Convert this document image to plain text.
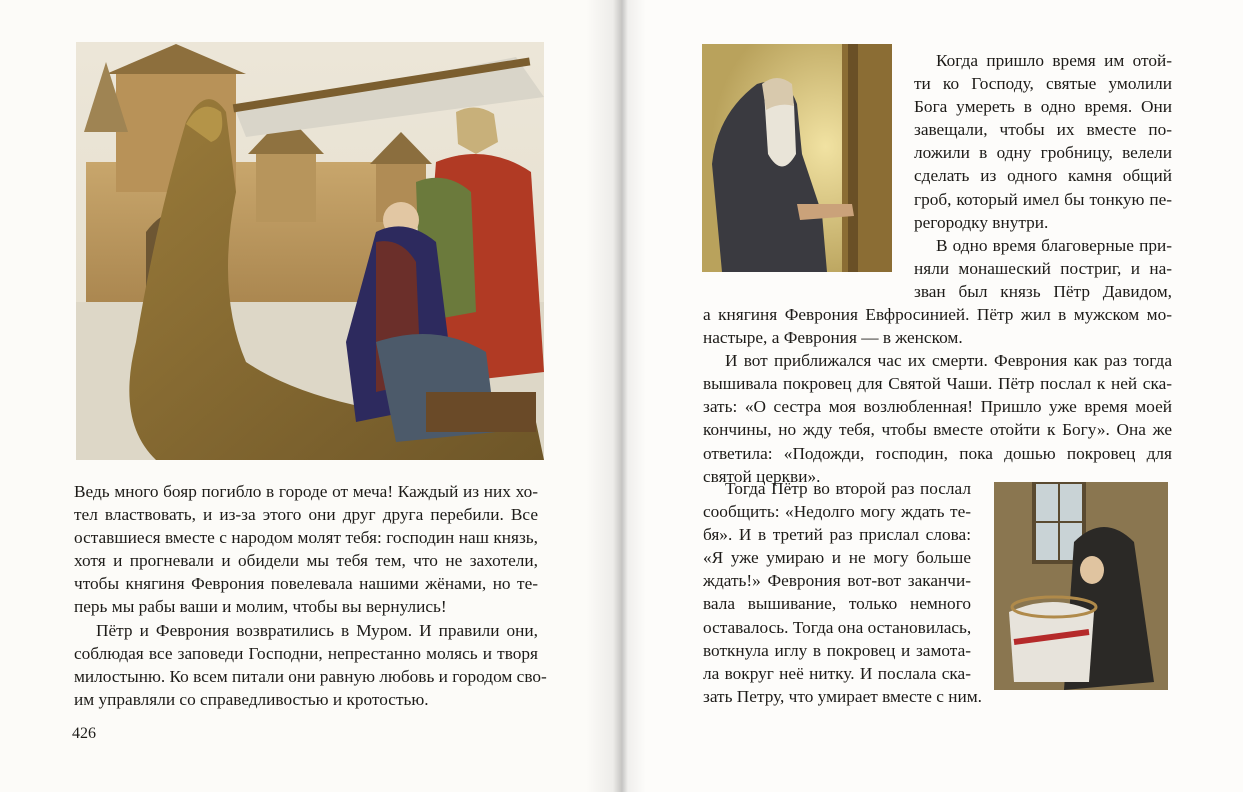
Ведь много бояр погибло в городе от меча! Каждый из них хо-
тел властвовать, и из-за этого они друг друга перебили. Все
оставшиеся вместе с народом молят тебя: господин наш князь,
хотя и прогневали и обидели мы тебя тем, что не захотели,
чтобы княгиня Феврония повелевала нашими жёнами, но те-
перь мы рабы ваши и молим, чтобы вы вернулись!

Пётр и Феврония возвратились в Муром. И правили они,
соблюдая все заповеди Господни, непрестанно молясь и творя
милостыню. Ко всем питали они равную любовь и городом сво-
им управляли со справедливостью и кротостью.

426

Когда пришло время им отой-
ти ко Господу, святые умолили
Бога умереть в одно время. Они
завещали, чтобы их вместе по-
ложили в одну гробницу, велели
сделать из одного камня общий
гроб, который имел бы тонкую пе-
регородку внутри.

В одно время благоверные при-
няли монашеский постриг, и на-
зван был князь Пётр Давидом,

а княгиня Феврония Евфросинией. Пётр жил в мужском мо-
настыре, а Феврония — в женском.

И вот приближался час их смерти. Феврония как раз тогда
вышивала покровец для Святой Чаши. Пётр послал к ней ска-
зать: «О сестра моя возлюбленная! Пришло уже время моей
кончины, но жду тебя, чтобы вместе отойти к Богу». Она же
ответила: «Подожди, господин, пока дошью покровец для
святой церкви».

Тогда Пётр во второй раз послал
сообщить: «Недолго могу ждать те-
бя». И в третий раз прислал слова:
«Я уже умираю и не могу больше
ждать!» Феврония вот-вот заканчи-
вала вышивание, только немного
оставалось. Тогда она остановилась,
воткнула иглу в покровец и замота-
ла вокруг неё нитку. И послала ска-
зать Петру, что умирает вместе с ним.
